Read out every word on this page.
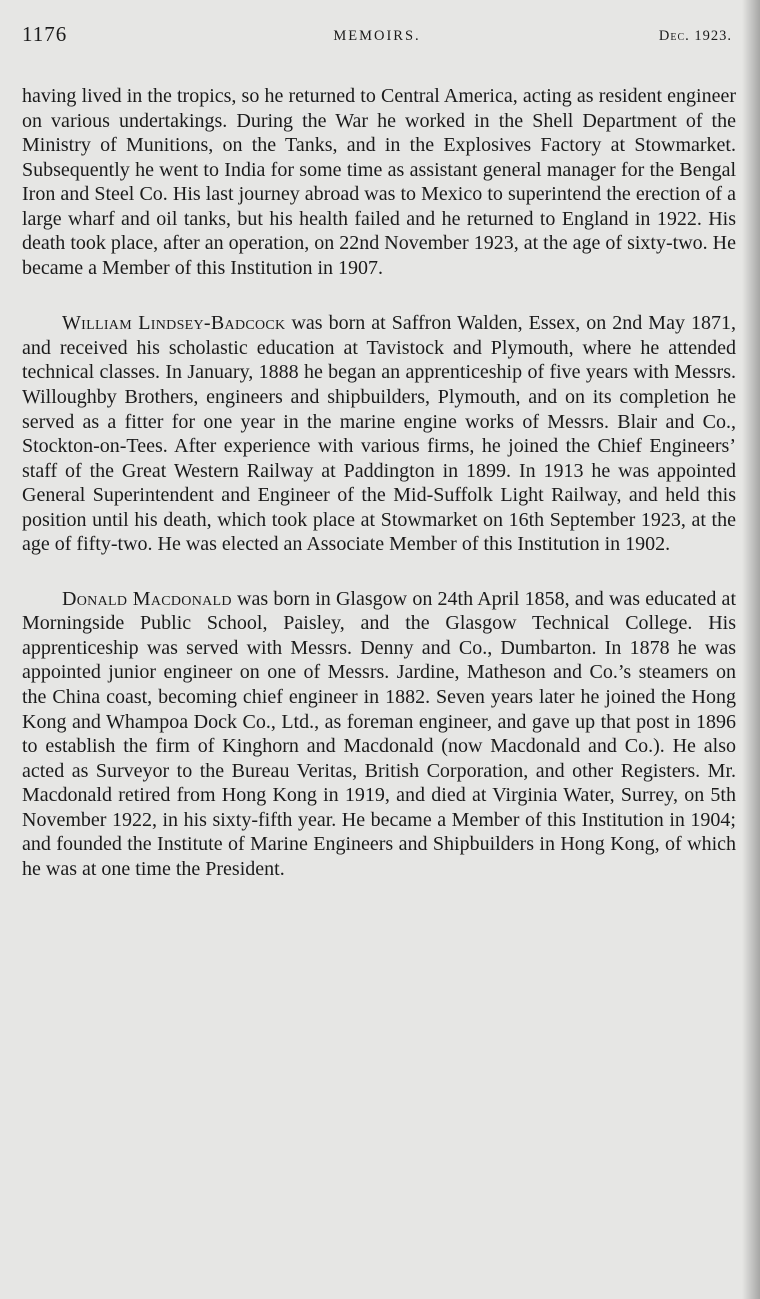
1176	MEMOIRS.	Dec. 1923.

having lived in the tropics, so he returned to Central America, acting as resident engineer on various undertakings. During the War he worked in the Shell Department of the Ministry of Munitions, on the Tanks, and in the Explosives Factory at Stowmarket. Subsequently he went to India for some time as assistant general manager for the Bengal Iron and Steel Co. His last journey abroad was to Mexico to superintend the erection of a large wharf and oil tanks, but his health failed and he returned to England in 1922. His death took place, after an operation, on 22nd November 1923, at the age of sixty-two. He became a Member of this Institution in 1907.

William Lindsey-Badcock was born at Saffron Walden, Essex, on 2nd May 1871, and received his scholastic education at Tavistock and Plymouth, where he attended technical classes. In January, 1888 he began an apprenticeship of five years with Messrs. Willoughby Brothers, engineers and shipbuilders, Plymouth, and on its completion he served as a fitter for one year in the marine engine works of Messrs. Blair and Co., Stockton-on-Tees. After experience with various firms, he joined the Chief Engineers’ staff of the Great Western Railway at Paddington in 1899. In 1913 he was appointed General Superintendent and Engineer of the Mid-Suffolk Light Railway, and held this position until his death, which took place at Stowmarket on 16th September 1923, at the age of fifty-two. He was elected an Associate Member of this Institution in 1902.

Donald Macdonald was born in Glasgow on 24th April 1858, and was educated at Morningside Public School, Paisley, and the Glasgow Technical College. His apprenticeship was served with Messrs. Denny and Co., Dumbarton. In 1878 he was appointed junior engineer on one of Messrs. Jardine, Matheson and Co.’s steamers on the China coast, becoming chief engineer in 1882. Seven years later he joined the Hong Kong and Whampoa Dock Co., Ltd., as foreman engineer, and gave up that post in 1896 to establish the firm of Kinghorn and Macdonald (now Macdonald and Co.). He also acted as Surveyor to the Bureau Veritas, British Corporation, and other Registers. Mr. Macdonald retired from Hong Kong in 1919, and died at Virginia Water, Surrey, on 5th November 1922, in his sixty-fifth year. He became a Member of this Institution in 1904; and founded the Institute of Marine Engineers and Shipbuilders in Hong Kong, of which he was at one time the President.
